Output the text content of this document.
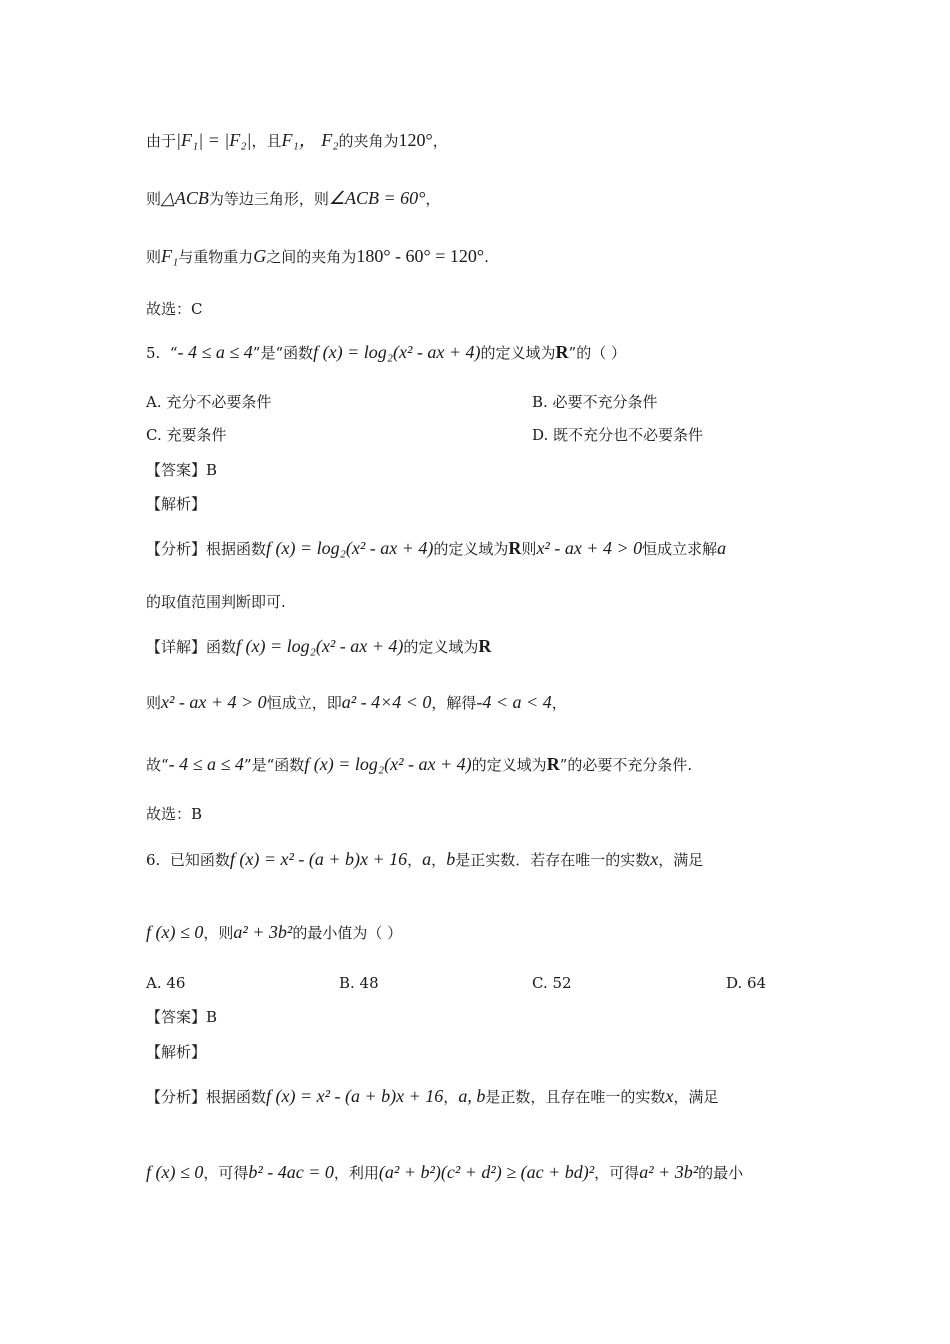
由于|F₁| = |F₂|，且F₁， F₂的夹角为120°，
则△ACB为等边三角形，则∠ACB = 60°，
则F₁与重物重力G之间的夹角为180° - 60° = 120°.
故选：C
5. “- 4 ≤ a ≤ 4”是“函数f (x) = log₂(x² - ax + 4)的定义域为R”的（ ）
A. 充分不必要条件	B. 必要不充分条件
C. 充要条件	D. 既不充分也不必要条件
【答案】B
【解析】
【分析】根据函数f (x) = log₂(x² - ax + 4)的定义域为R则x² - ax + 4 > 0恒成立求解a
的取值范围判断即可.
【详解】函数f (x) = log₂(x² - ax + 4)的定义域为R
则x² - ax + 4 > 0恒成立，即a² - 4×4 < 0，解得-4 < a < 4，
故“- 4 ≤ a ≤ 4”是“函数f (x) = log₂(x² - ax + 4)的定义域为R”的必要不充分条件.
故选：B
6. 已知函数f (x) = x² - (a + b)x + 16，a，b是正实数．若存在唯一的实数x，满足
f (x) ≤ 0，则a² + 3b²的最小值为（ ）
A. 46	B. 48	C. 52	D. 64
【答案】B
【解析】
【分析】根据函数f (x) = x² - (a + b)x + 16，a, b是正数，且存在唯一的实数x，满足
f (x) ≤ 0，可得b² - 4ac = 0，利用(a² + b²)(c² + d²) ≥ (ac + bd)²，可得a² + 3b²的最小
